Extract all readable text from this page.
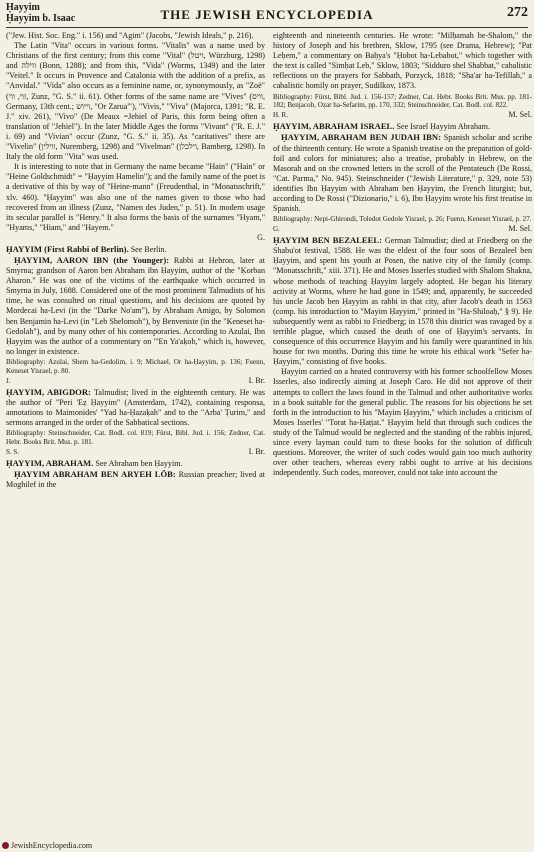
Ḥayyim
Ḥayyim b. Isaac	THE JEWISH ENCYCLOPEDIA	272

("Jew. Hist. Soc. Eng." i. 156) and "Agim" (Jacobs, "Jewish Ideals," p. 216).

The Latin "Vita" occurs in various forms. "Vitalis" was a name used by Christians of the first century; from this come "Vital" (ויטל, Würzburg, 1298) and ווילה (Bonn, 1288); and from this, "Vida" (Worms, 1349) and the later "Veitel." It occurs in Provence and Catalonia with the addition of a prefix, as "Anvidal." "Vida" also occurs as a feminine name, or, synonymously, as "Zoë" (זוי, ווי, Zunz, "G. S." ii. 61). Other forms of the same name are "Vives" (וויס, Germany, 13th cent.; וייוש, "Or Zarua'"), "Vivis," "Viva" (Majorca, 1391; "R. E. J." xiv. 261), "Vivo" (De Meaux =Jehiel of Paris, this form being often a translation of "Jehiel"). In the later Middle Ages the forms "Vivant" ("R. E. J." i. 69) and "Vivian" occur (Zunz, "G. S." ii. 35). As "caritatives" there are "Vivelin" (ווילין, Nuremberg, 1298) and "Vivelman" (וילכלן, Bamberg, 1298). In Italy the old form "Vita" was used.

It is interesting to note that in Germany the name became "Hain" ("Hain" or "Heine Goldschmidt" = "Ḥayyim Hamelin"); and the family name of the poet is a derivative of this by way of "Heine-mann" (Freudenthal, in "Monatsschrift," xlv. 460). "Ḥayyim" was also one of the names given to those who had recovered from an illness (Zunz, "Namen des Juden," p. 51). In modern usage its secular parallel is "Henry." It also forms the basis of the surnames "Hyam," "Hyams," "Hiam," and "Hayem."

G.

ḤAYYIM (First Rabbi of Berlin). See Berlin.

ḤAYYIM, AARON IBN (the Younger): Rabbi at Hebron, later at Smyrna; grandson of Aaron ben Abraham ibn Ḥayyim, author of the "Ḳorban Aharon." He was one of the victims of the earthquake which occurred in Smyrna in July, 1688. Considered one of the most prominent Talmudists of his time, he was consulted on ritual questions, and his decisions are quoted by Mordecai ha-Levi (in the "Darke No'am"), by Abraham Amigo, by Solomon ben Benjamin ha-Levi (in "Leb Shelomoh"), by Benveniste (in the "Keneset ha-Gedolah"), and by many other of his contemporaries. According to Azulai, Ibn Ḥayyim was the author of a commentary on "'En Ya'aḳob," which is, however, no longer in existence.

Bibliography: Azulai, Shem ha-Gedolim, i. 9; Michael, Or ha-Ḥayyim, p. 136; Fuenn, Keneset Yisrael, p. 80.
J.	I. Br.

ḤAYYIM, ABIGDOR: Talmudist; lived in the eighteenth century. He was the author of "Peri 'Eẓ Ḥayyim" (Amsterdam, 1742), containing responsa, annotations to Maimonides' "Yad ha-Ḥazaḳah" and to the "Arba' Ṭurim," and sermons arranged in the order of the Sabbatical sections.

Bibliography: Steinschneider, Cat. Bodl. col. 819; Fürst, Bibl. Jud. i. 156; Zedner, Cat. Hebr. Books Brit. Mus. p. 181.
S. S.	I. Br.

ḤAYYIM, ABRAHAM. See Abraham ben Ḥayyim.

ḤAYYIM ABRAHAM BEN ARYEH LÖB: Russian preacher; lived at Moghilef in the

eighteenth and nineteenth centuries. He wrote: "Milḥamah be-Shalom," the history of Joseph and his brethren, Sklow, 1795 (see Drama, Hebrew); "Pat Leḥem," a commentary on Baḥya's "Ḥobot ha-Lebabot," which together with the text is called "Simḥat Leb," Sklow, 1803; "Sidduro shel Shabbat," cabalistic reflections on the prayers for Sabbath, Porzyck, 1818; "Sha'ar ha-Tefillah," a cabalistic homily on prayer, Sudilkov, 1873.

Bibliography: Fürst, Bibl. Jud. i. 156-157; Zedner, Cat. Hebr. Books Brit. Mus. pp. 181-182; Benjacob, Oẓar ha-Sefarim, pp. 170, 332; Steinschneider, Cat. Bodl. col. 822.
H. R.	M. Sel.

ḤAYYIM, ABRAHAM ISRAEL. See Israel Ḥayyim Abraham.

ḤAYYIM, ABRAHAM BEN JUDAH IBN: Spanish scholar and scribe of the thirteenth century. He wrote a Spanish treatise on the preparation of gold-foil and colors for miniatures; also a treatise, probably in Hebrew, on the Masorah and on the crowned letters in the scroll of the Pentateuch (De Rossi, "Cat. Parma," No. 945). Steinschneider ("Jewish Literature," p. 329, note 53) identifies Ibn Ḥayyim with Abraham ben Ḥayyim, the French liturgist; but, according to De Rossi ("Dizionario," i. 6), Ibn Ḥayyim wrote his first treatise in Spanish.

Bibliography: Nepi-Ghirondi, Toledot Gedole Yisrael, p. 26; Fuenn, Keneset Yisrael, p. 27.
G.	M. Sel.

ḤAYYIM BEN BEZALEEL: German Talmudist; died at Friedberg on the Shabu'ot festival, 1588. He was the eldest of the four sons of Bezaleel ben Ḥayyim, and spent his youth at Posen, the native city of the family (comp. "Monatsschrift," xiii. 371). He and Moses Isserles studied with Shalom Shakna, whose methods of teaching Ḥayyim largely adopted. He began his literary activity at Worms, where he had gone in 1549; and, apparently, he succeeded his uncle Jacob ben Ḥayyim as rabbi in that city, after Jacob's death in 1563 (comp. his introduction to "Mayim Ḥayyim," printed in "Ha-Shiloaḥ," § 9). He subsequently went as rabbi to Friedberg; in 1578 this district was ravaged by a terrible plague, which caused the death of one of Ḥayyim's servants. In consequence of this occurrence Ḥayyim and his family were quarantined in his house for two months. During this time he wrote his ethical work "Sefer ha-Ḥayyim," consisting of five books.

Ḥayyim carried on a heated controversy with his former schoolfellow Moses Isserles, also indirectly aiming at Joseph Caro. He did not approve of their attempts to collect the laws found in the Talmud and other authoritative works in a book suitable for the general public. The reasons for his objections he set forth in the introduction to his "Mayim Ḥayyim," which includes a criticism of Moses Isserles' "Torat ha-Ḥaṭṭat." Ḥayyim held that through such codices the study of the Talmud would be neglected and the standing of the rabbis injured, since every layman could turn to these books for the solution of difficult questions. Moreover, the writer of such codes would gain too much authority over other teachers, whereas every rabbi ought to arrive at his decisions independently. Such codes, moreover, could not take into account the

JewishEncyclopedia.com
